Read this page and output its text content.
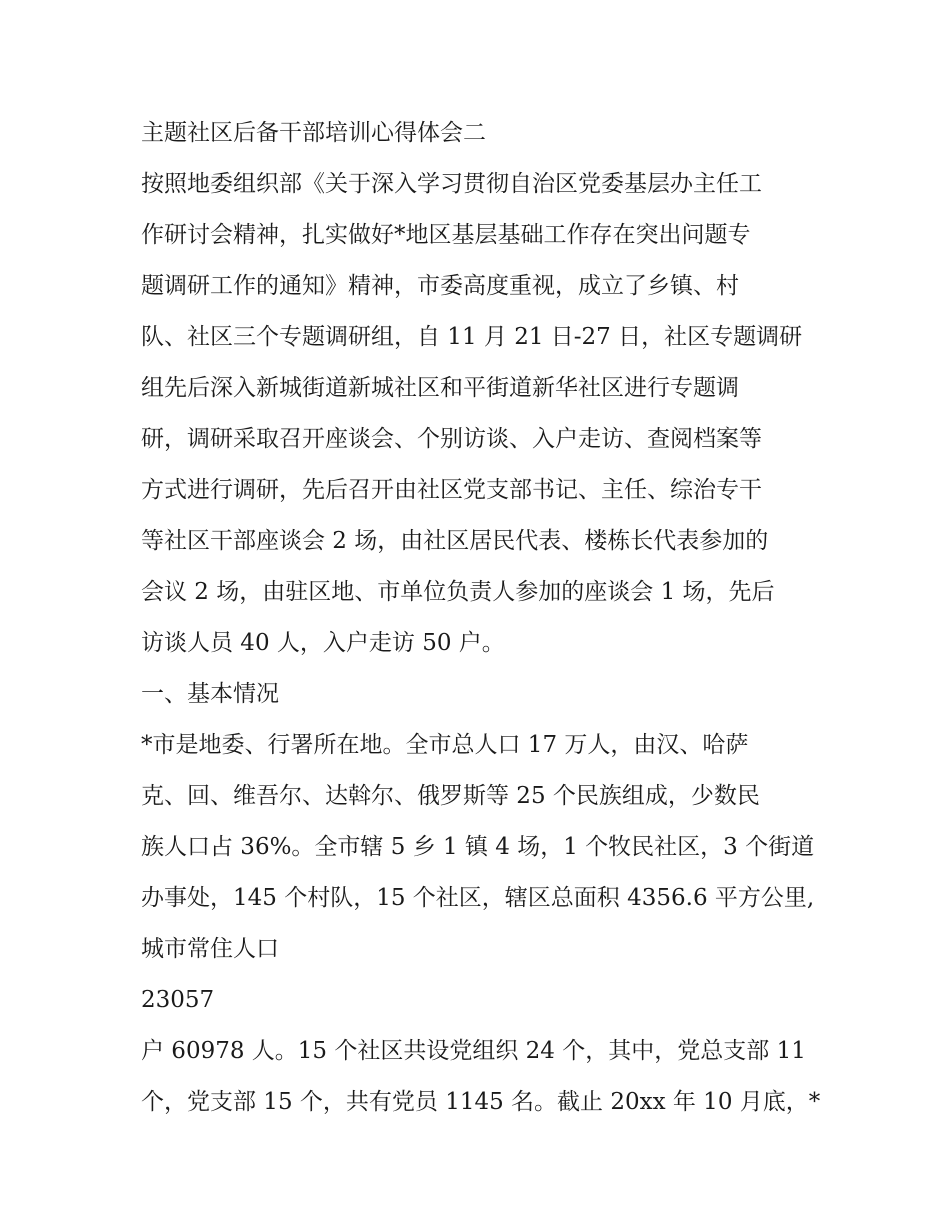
主题社区后备干部培训心得体会二
按照地委组织部《关于深入学习贯彻自治区党委基层办主任工
作研讨会精神，扎实做好*地区基层基础工作存在突出问题专
题调研工作的通知》精神，市委高度重视，成立了乡镇、村
队、社区三个专题调研组，自 11 月 21 日-27 日，社区专题调研
组先后深入新城街道新城社区和平街道新华社区进行专题调
研，调研采取召开座谈会、个别访谈、入户走访、查阅档案等
方式进行调研，先后召开由社区党支部书记、主任、综治专干
等社区干部座谈会 2 场，由社区居民代表、楼栋长代表参加的
会议 2 场，由驻区地、市单位负责人参加的座谈会 1 场，先后
访谈人员 40 人，入户走访 50 户。
一、基本情况
*市是地委、行署所在地。全市总人口 17 万人，由汉、哈萨
克、回、维吾尔、达斡尔、俄罗斯等 25 个民族组成，少数民
族人口占 36%。全市辖 5 乡 1 镇 4 场，1 个牧民社区，3 个街道
办事处，145 个村队，15 个社区，辖区总面积 4356.6 平方公里,
城市常住人口
23057
户 60978 人。15 个社区共设党组织 24 个，其中，党总支部 11
个，党支部 15 个，共有党员 1145 名。截止 20xx 年 10 月底，*
